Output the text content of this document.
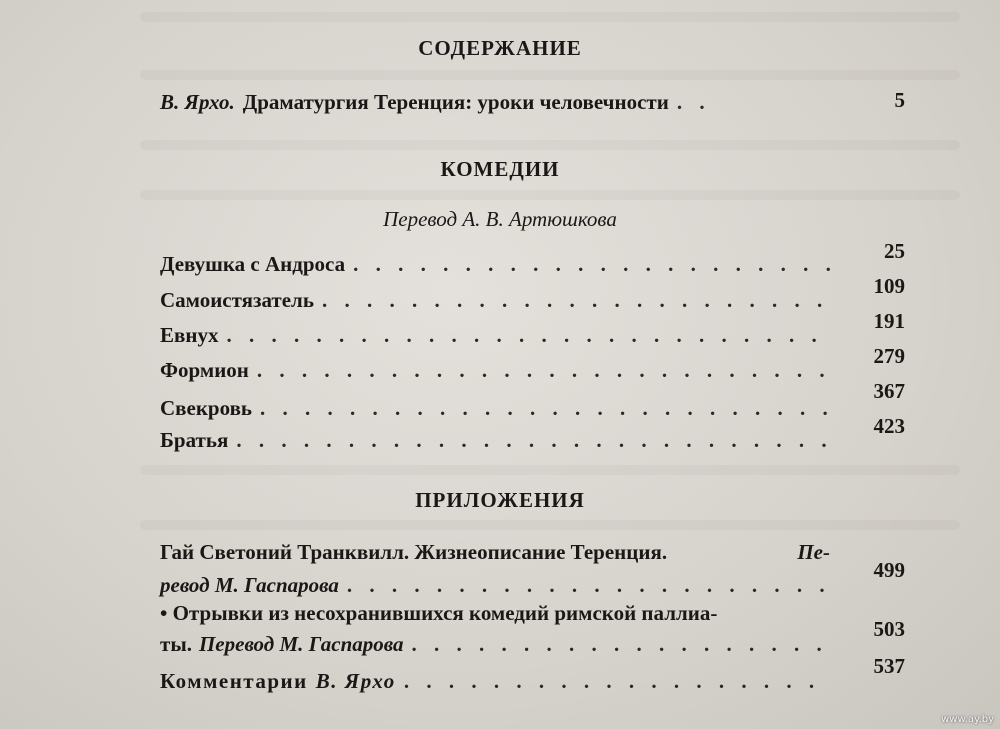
СОДЕРЖАНИЕ
В. Ярхо. Драматургия Теренция: уроки человечности
. . .	5
КОМЕДИИ
Перевод А. В. Артюшкова
Девушка с Андроса
. . .
25
Самоистязатель
. . .
109
Евнух
. . .
191
Формион
. . .
279
Свекровь
. . .
367
Братья
. . .
423
ПРИЛОЖЕНИЯ
Гай Светоний Транквилл. Жизнеописание Теренция.	Пе-
ревод М. Гаспарова
. . .
499
• Отрывки из несохранившихся комедий римской паллиа-
ты. Перевод М. Гаспарова
. . .
503
Комментарии В. Ярхо
. . .
537
www.ay.by
